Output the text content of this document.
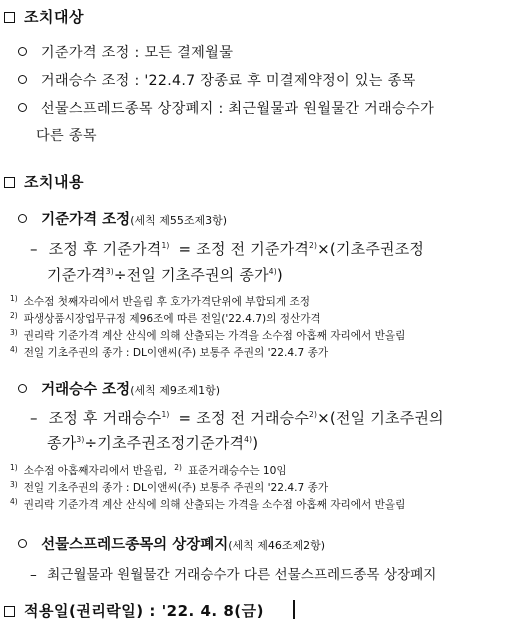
조치대상
기준가격 조정 : 모든 결제월물
거래승수 조정 : '22.4.7 장종료 후 미결제약정이 있는 종목
선물스프레드종목 상장폐지 : 최근월물과 원월물간 거래승수가
다른 종목
조치내용
기준가격 조정(세칙 제55조제3항)
– 조정 후 기준가격$^{1)}$ = 조정 전 기준가격$^{2)}$×(기초주권조정
기준가격$^{3)}$÷전일 기초주권의 종가$^{4)}$)
$^{1)}$ 소수점 첫째자리에서 반올림 후 호가가격단위에 부합되게 조정
$^{2)}$ 파생상품시장업무규정 제96조에 따른 전일('22.4.7)의 정산가격
$^{3)}$ 권리락 기준가격 계산 산식에 의해 산출되는 가격을 소수점 아홉째 자리에서 반올림
$^{4)}$ 전일 기초주권의 종가 : DL이앤씨(주) 보통주 주권의 '22.4.7 종가
거래승수 조정(세칙 제9조제1항)
– 조정 후 거래승수$^{1)}$ = 조정 전 거래승수$^{2)}$×(전일 기초주권의
종가$^{3)}$÷기초주권조정기준가격$^{4)}$)
$^{1)}$ 소수점 아홉째자리에서 반올림, $^{2)}$ 표준거래승수는 10임
$^{3)}$ 전일 기초주권의 종가 : DL이앤씨(주) 보통주 주권의 '22.4.7 종가
$^{4)}$ 권리락 기준가격 계산 산식에 의해 산출되는 가격을 소수점 아홉째 자리에서 반올림
선물스프레드종목의 상장폐지(세칙 제46조제2항)
– 최근월물과 원월물간 거래승수가 다른 선물스프레드종목 상장폐지
적용일(권리락일) : '22. 4. 8(금)
